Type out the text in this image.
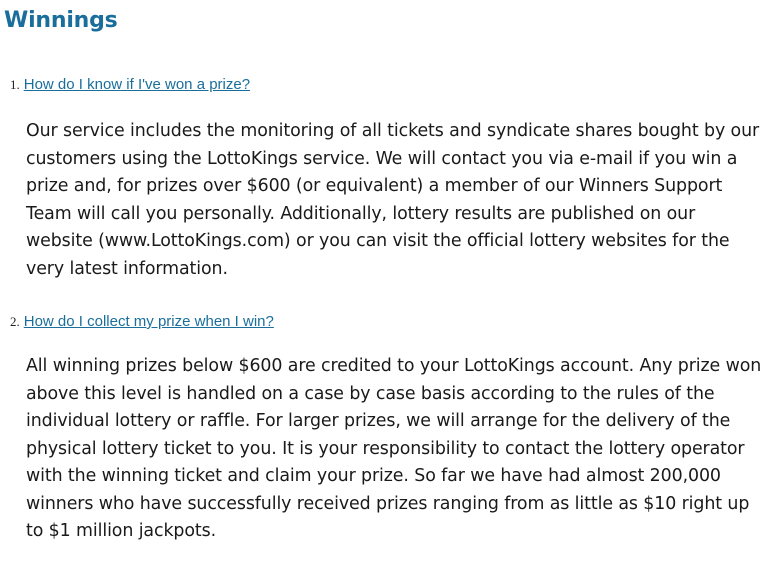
Winnings
1. How do I know if I've won a prize?

Our service includes the monitoring of all tickets and syndicate shares bought by our customers using the LottoKings service. We will contact you via e-mail if you win a prize and, for prizes over $600 (or equivalent) a member of our Winners Support Team will call you personally. Additionally, lottery results are published on our website (www.LottoKings.com) or you can visit the official lottery websites for the very latest information.

2. How do I collect my prize when I win?

All winning prizes below $600 are credited to your LottoKings account. Any prize won above this level is handled on a case by case basis according to the rules of the individual lottery or raffle. For larger prizes, we will arrange for the delivery of the physical lottery ticket to you. It is your responsibility to contact the lottery operator with the winning ticket and claim your prize. So far we have had almost 200,000 winners who have successfully received prizes ranging from as little as $10 right up to $1 million jackpots.
